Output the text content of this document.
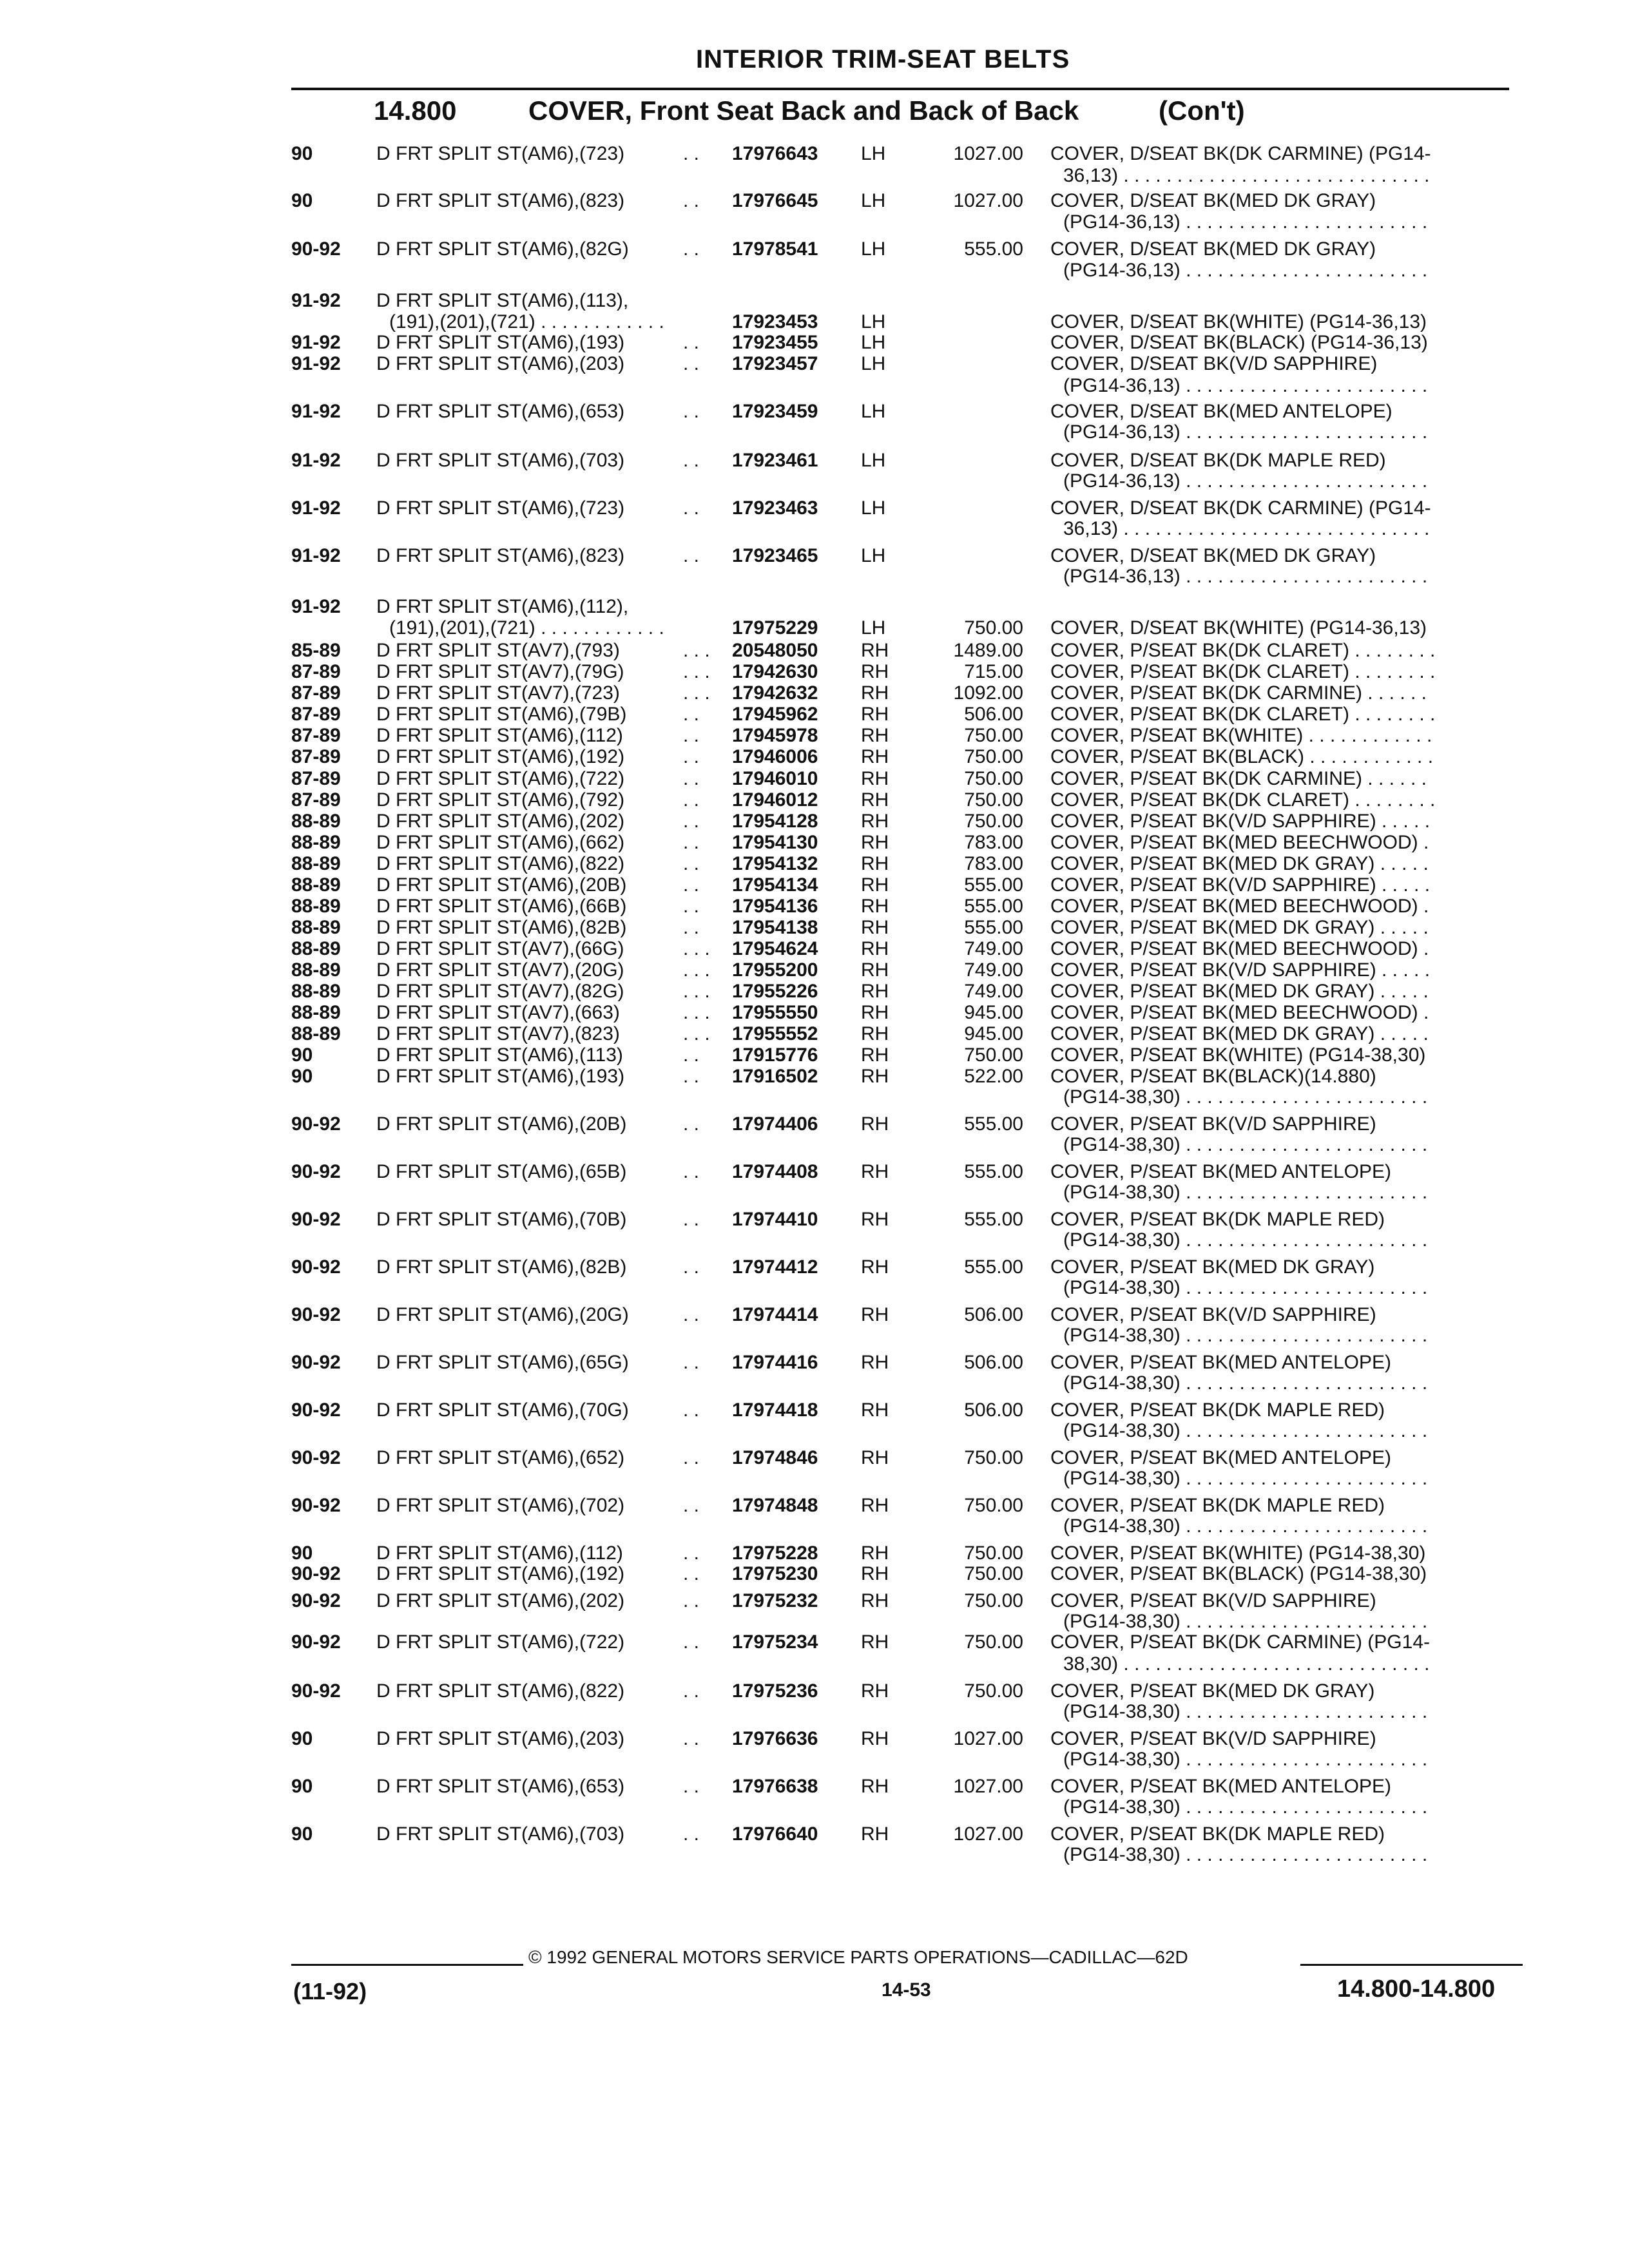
INTERIOR TRIM-SEAT BELTS
14.800	COVER, Front Seat Back and Back of Back	(Con't)
90	D FRT SPLIT ST(AM6),(723)	. . 17976643 LH	1027.00 COVER, D/SEAT BK(DK CARMINE) (PG14-
36,13) . . . . . . . . . . . . . . . . . . . . . . . . . . . . .
90	D FRT SPLIT ST(AM6),(823)	. . 17976645 LH	1027.00 COVER, D/SEAT BK(MED DK GRAY)
(PG14-36,13) . . . . . . . . . . . . . . . . . . . . . . .
90-92 D FRT SPLIT ST(AM6),(82G)	. . 17978541 LH	555.00 COVER, D/SEAT BK(MED DK GRAY)
(PG14-36,13) . . . . . . . . . . . . . . . . . . . . . . .
91-92 D FRT SPLIT ST(AM6),(113),
(191),(201),(721) . . . . . . . . . . . .	17923453 LH	COVER, D/SEAT BK(WHITE) (PG14-36,13)
91-92 D FRT SPLIT ST(AM6),(193)	. . 17923455 LH	COVER, D/SEAT BK(BLACK) (PG14-36,13)
91-92 D FRT SPLIT ST(AM6),(203)	. . 17923457 LH	COVER, D/SEAT BK(V/D SAPPHIRE)
(PG14-36,13) . . . . . . . . . . . . . . . . . . . . . . .
91-92 D FRT SPLIT ST(AM6),(653)	. . 17923459 LH	COVER, D/SEAT BK(MED ANTELOPE)
(PG14-36,13) . . . . . . . . . . . . . . . . . . . . . . .
91-92 D FRT SPLIT ST(AM6),(703)	. . 17923461 LH	COVER, D/SEAT BK(DK MAPLE RED)
(PG14-36,13) . . . . . . . . . . . . . . . . . . . . . . .
91-92 D FRT SPLIT ST(AM6),(723)	. . 17923463 LH	COVER, D/SEAT BK(DK CARMINE) (PG14-
36,13) . . . . . . . . . . . . . . . . . . . . . . . . . . . . .
91-92 D FRT SPLIT ST(AM6),(823)	. . 17923465 LH	COVER, D/SEAT BK(MED DK GRAY)
(PG14-36,13) . . . . . . . . . . . . . . . . . . . . . . .
91-92 D FRT SPLIT ST(AM6),(112),
(191),(201),(721) . . . . . . . . . . . .	17975229 LH	750.00 COVER, D/SEAT BK(WHITE) (PG14-36,13)
85-89 D FRT SPLIT ST(AV7),(793)	. . . 20548050 RH	1489.00 COVER, P/SEAT BK(DK CLARET) . . . . . . . .
87-89 D FRT SPLIT ST(AV7),(79G)	. . . 17942630 RH	715.00 COVER, P/SEAT BK(DK CLARET) . . . . . . . .
87-89 D FRT SPLIT ST(AV7),(723)	. . . 17942632 RH	1092.00 COVER, P/SEAT BK(DK CARMINE) . . . . . .
87-89 D FRT SPLIT ST(AM6),(79B)	. . 17945962 RH	506.00 COVER, P/SEAT BK(DK CLARET) . . . . . . . .
87-89 D FRT SPLIT ST(AM6),(112)	. . 17945978 RH	750.00 COVER, P/SEAT BK(WHITE) . . . . . . . . . . . .
87-89 D FRT SPLIT ST(AM6),(192)	. . 17946006 RH	750.00 COVER, P/SEAT BK(BLACK) . . . . . . . . . . . .
87-89 D FRT SPLIT ST(AM6),(722)	. . 17946010 RH	750.00 COVER, P/SEAT BK(DK CARMINE) . . . . . .
87-89 D FRT SPLIT ST(AM6),(792)	. . 17946012 RH	750.00 COVER, P/SEAT BK(DK CLARET) . . . . . . . .
88-89 D FRT SPLIT ST(AM6),(202)	. . 17954128 RH	750.00 COVER, P/SEAT BK(V/D SAPPHIRE) . . . . .
88-89 D FRT SPLIT ST(AM6),(662)	. . 17954130 RH	783.00 COVER, P/SEAT BK(MED BEECHWOOD) .
88-89 D FRT SPLIT ST(AM6),(822)	. . 17954132 RH	783.00 COVER, P/SEAT BK(MED DK GRAY) . . . . .
88-89 D FRT SPLIT ST(AM6),(20B)	. . 17954134 RH	555.00 COVER, P/SEAT BK(V/D SAPPHIRE) . . . . .
88-89 D FRT SPLIT ST(AM6),(66B)	. . 17954136 RH	555.00 COVER, P/SEAT BK(MED BEECHWOOD) .
88-89 D FRT SPLIT ST(AM6),(82B)	. . 17954138 RH	555.00 COVER, P/SEAT BK(MED DK GRAY) . . . . .
88-89 D FRT SPLIT ST(AV7),(66G)	. . . 17954624 RH	749.00 COVER, P/SEAT BK(MED BEECHWOOD) .
88-89 D FRT SPLIT ST(AV7),(20G)	. . . 17955200 RH	749.00 COVER, P/SEAT BK(V/D SAPPHIRE) . . . . .
88-89 D FRT SPLIT ST(AV7),(82G)	. . . 17955226 RH	749.00 COVER, P/SEAT BK(MED DK GRAY) . . . . .
88-89 D FRT SPLIT ST(AV7),(663)	. . . 17955550 RH	945.00 COVER, P/SEAT BK(MED BEECHWOOD) .
88-89 D FRT SPLIT ST(AV7),(823)	. . . 17955552 RH	945.00 COVER, P/SEAT BK(MED DK GRAY) . . . . .
90	D FRT SPLIT ST(AM6),(113)	. . 17915776 RH	750.00 COVER, P/SEAT BK(WHITE) (PG14-38,30)
90	D FRT SPLIT ST(AM6),(193)	. . 17916502 RH	522.00 COVER, P/SEAT BK(BLACK)(14.880)
(PG14-38,30) . . . . . . . . . . . . . . . . . . . . . . .
90-92 D FRT SPLIT ST(AM6),(20B)	. . 17974406 RH	555.00 COVER, P/SEAT BK(V/D SAPPHIRE)
(PG14-38,30) . . . . . . . . . . . . . . . . . . . . . . .
90-92 D FRT SPLIT ST(AM6),(65B)	. . 17974408 RH	555.00 COVER, P/SEAT BK(MED ANTELOPE)
(PG14-38,30) . . . . . . . . . . . . . . . . . . . . . . .
90-92 D FRT SPLIT ST(AM6),(70B)	. . 17974410 RH	555.00 COVER, P/SEAT BK(DK MAPLE RED)
(PG14-38,30) . . . . . . . . . . . . . . . . . . . . . . .
90-92 D FRT SPLIT ST(AM6),(82B)	. . 17974412 RH	555.00 COVER, P/SEAT BK(MED DK GRAY)
(PG14-38,30) . . . . . . . . . . . . . . . . . . . . . . .
90-92 D FRT SPLIT ST(AM6),(20G)	. . 17974414 RH	506.00 COVER, P/SEAT BK(V/D SAPPHIRE)
(PG14-38,30) . . . . . . . . . . . . . . . . . . . . . . .
90-92 D FRT SPLIT ST(AM6),(65G)	. . 17974416 RH	506.00 COVER, P/SEAT BK(MED ANTELOPE)
(PG14-38,30) . . . . . . . . . . . . . . . . . . . . . . .
90-92 D FRT SPLIT ST(AM6),(70G)	. . 17974418 RH	506.00 COVER, P/SEAT BK(DK MAPLE RED)
(PG14-38,30) . . . . . . . . . . . . . . . . . . . . . . .
90-92 D FRT SPLIT ST(AM6),(652)	. . 17974846 RH	750.00 COVER, P/SEAT BK(MED ANTELOPE)
(PG14-38,30) . . . . . . . . . . . . . . . . . . . . . . .
90-92 D FRT SPLIT ST(AM6),(702)	. . 17974848 RH	750.00 COVER, P/SEAT BK(DK MAPLE RED)
(PG14-38,30) . . . . . . . . . . . . . . . . . . . . . . .
90	D FRT SPLIT ST(AM6),(112)	. . 17975228 RH	750.00 COVER, P/SEAT BK(WHITE) (PG14-38,30)
90-92 D FRT SPLIT ST(AM6),(192)	. . 17975230 RH	750.00 COVER, P/SEAT BK(BLACK) (PG14-38,30)
90-92 D FRT SPLIT ST(AM6),(202)	. . 17975232 RH	750.00 COVER, P/SEAT BK(V/D SAPPHIRE)
(PG14-38,30) . . . . . . . . . . . . . . . . . . . . . . .
90-92 D FRT SPLIT ST(AM6),(722)	. . 17975234 RH	750.00 COVER, P/SEAT BK(DK CARMINE) (PG14-
38,30) . . . . . . . . . . . . . . . . . . . . . . . . . . . . .
90-92 D FRT SPLIT ST(AM6),(822)	. . 17975236 RH	750.00 COVER, P/SEAT BK(MED DK GRAY)
(PG14-38,30) . . . . . . . . . . . . . . . . . . . . . . .
90	D FRT SPLIT ST(AM6),(203)	. . 17976636 RH	1027.00 COVER, P/SEAT BK(V/D SAPPHIRE)
(PG14-38,30) . . . . . . . . . . . . . . . . . . . . . . .
90	D FRT SPLIT ST(AM6),(653)	. . 17976638 RH	1027.00 COVER, P/SEAT BK(MED ANTELOPE)
(PG14-38,30) . . . . . . . . . . . . . . . . . . . . . . .
90	D FRT SPLIT ST(AM6),(703)	. . 17976640 RH	1027.00 COVER, P/SEAT BK(DK MAPLE RED)
(PG14-38,30) . . . . . . . . . . . . . . . . . . . . . . .
© 1992 GENERAL MOTORS SERVICE PARTS OPERATIONS—CADILLAC—62D
(11-92)	14-53	14.800-14.800
